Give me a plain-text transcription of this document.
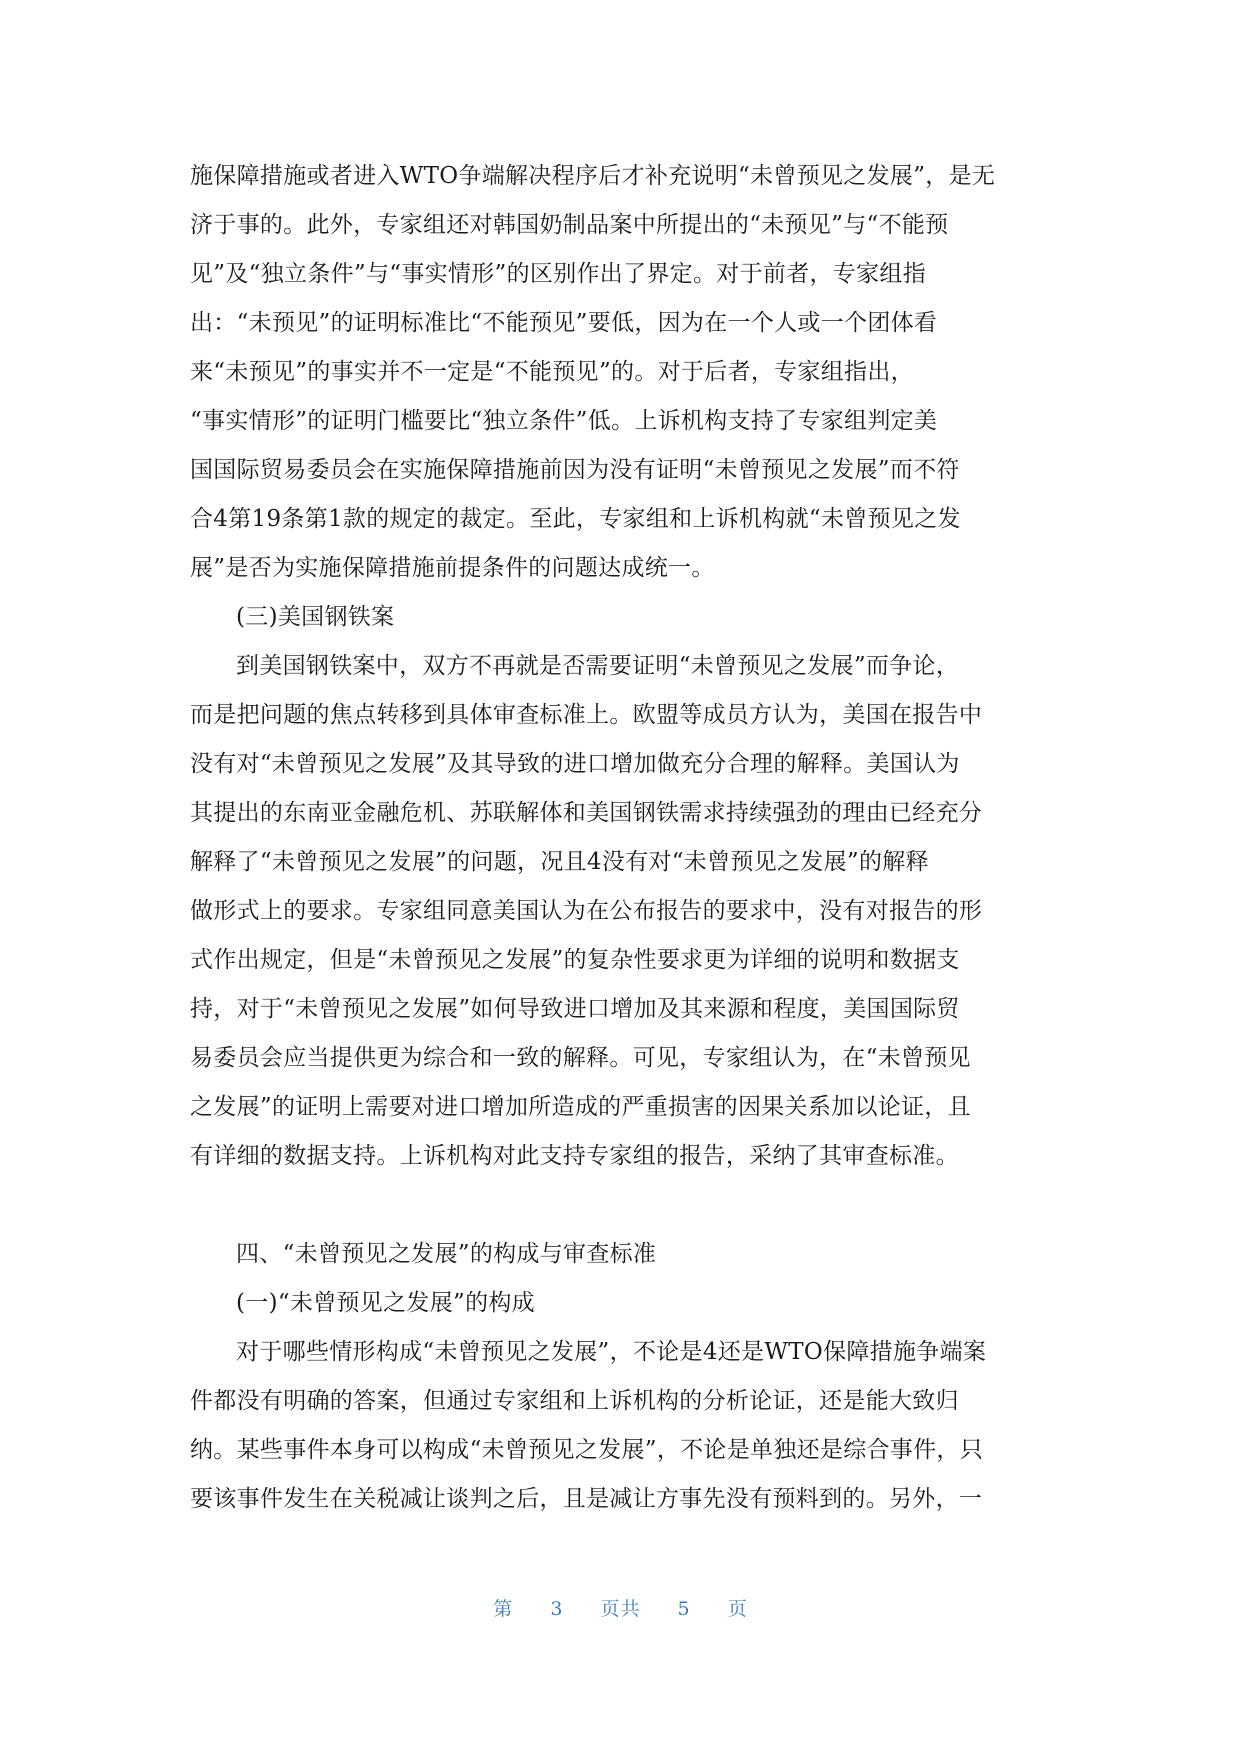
施保障措施或者进入WTO争端解决程序后才补充说明“未曾预见之发展”，是无
济于事的。此外，专家组还对韩国奶制品案中所提出的“未预见”与“不能预
见”及“独立条件”与“事实情形”的区别作出了界定。对于前者，专家组指
出：“未预见”的证明标准比“不能预见”要低，因为在一个人或一个团体看
来“未预见”的事实并不一定是“不能预见”的。对于后者，专家组指出，
“事实情形”的证明门槛要比“独立条件”低。上诉机构支持了专家组判定美
国国际贸易委员会在实施保障措施前因为没有证明“未曾预见之发展”而不符
合4第19条第1款的规定的裁定。至此，专家组和上诉机构就“未曾预见之发
展”是否为实施保障措施前提条件的问题达成统一。
(三)美国钢铁案
到美国钢铁案中，双方不再就是否需要证明“未曾预见之发展”而争论，
而是把问题的焦点转移到具体审查标准上。欧盟等成员方认为，美国在报告中
没有对“未曾预见之发展”及其导致的进口增加做充分合理的解释。美国认为
其提出的东南亚金融危机、苏联解体和美国钢铁需求持续强劲的理由已经充分
解释了“未曾预见之发展”的问题，况且4没有对“未曾预见之发展”的解释
做形式上的要求。专家组同意美国认为在公布报告的要求中，没有对报告的形
式作出规定，但是“未曾预见之发展”的复杂性要求更为详细的说明和数据支
持，对于“未曾预见之发展”如何导致进口增加及其来源和程度，美国国际贸
易委员会应当提供更为综合和一致的解释。可见，专家组认为，在“未曾预见
之发展”的证明上需要对进口增加所造成的严重损害的因果关系加以论证，且
有详细的数据支持。上诉机构对此支持专家组的报告，采纳了其审查标准。
四、“未曾预见之发展”的构成与审查标准
(一)“未曾预见之发展”的构成
对于哪些情形构成“未曾预见之发展”，不论是4还是WTO保障措施争端案
件都没有明确的答案，但通过专家组和上诉机构的分析论证，还是能大致归
纳。某些事件本身可以构成“未曾预见之发展”，不论是单独还是综合事件，只
要该事件发生在关税减让谈判之后，且是减让方事先没有预料到的。另外，一
第 3 页共 5 页
